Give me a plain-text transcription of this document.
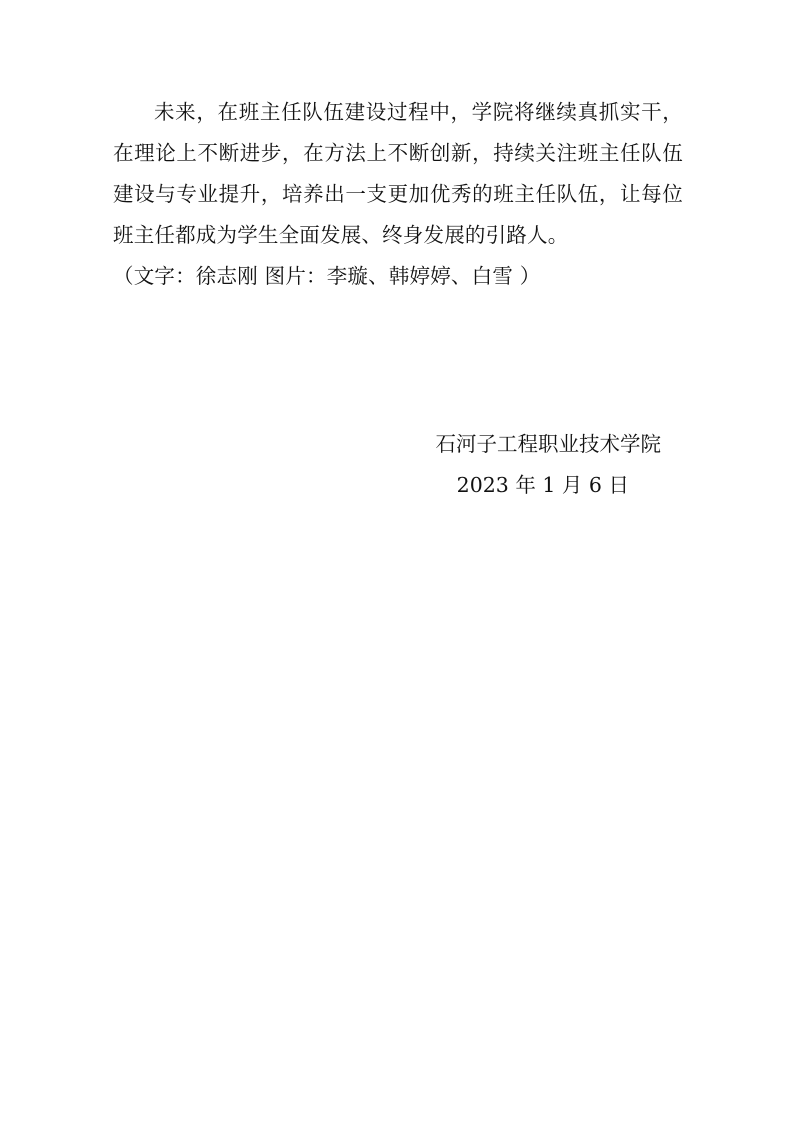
未来，在班主任队伍建设过程中，学院将继续真抓实干，在理论上不断进步，在方法上不断创新，持续关注班主任队伍建设与专业提升，培养出一支更加优秀的班主任队伍，让每位班主任都成为学生全面发展、终身发展的引路人。

（文字：徐志刚 图片：李璇、韩婷婷、白雪 ）

石河子工程职业技术学院

2023 年 1 月 6 日
